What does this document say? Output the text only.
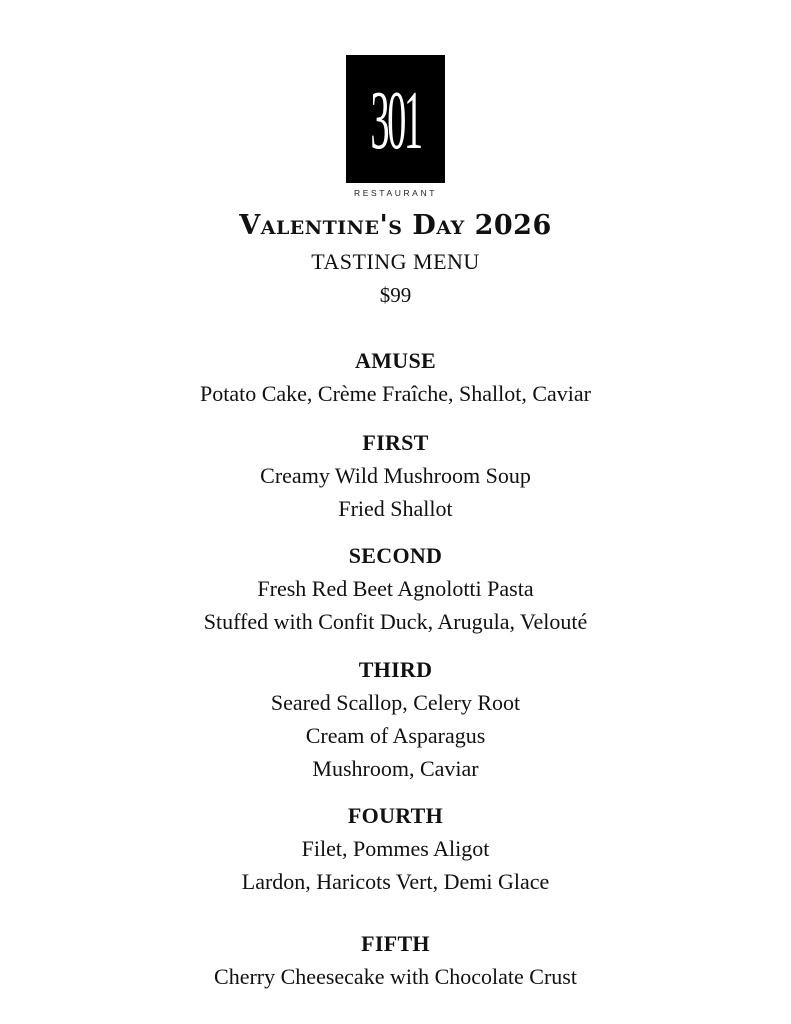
301
RESTAURANT
Valentine's Day 2026
TASTING MENU
$99
AMUSE
Potato Cake, Crème Fraîche, Shallot, Caviar
FIRST
Creamy Wild Mushroom Soup
Fried Shallot
SECOND
Fresh Red Beet Agnolotti Pasta
Stuffed with Confit Duck, Arugula, Velouté
THIRD
Seared Scallop, Celery Root
Cream of Asparagus
Mushroom, Caviar
FOURTH
Filet, Pommes Aligot
Lardon, Haricots Vert, Demi Glace
FIFTH
Cherry Cheesecake with Chocolate Crust
